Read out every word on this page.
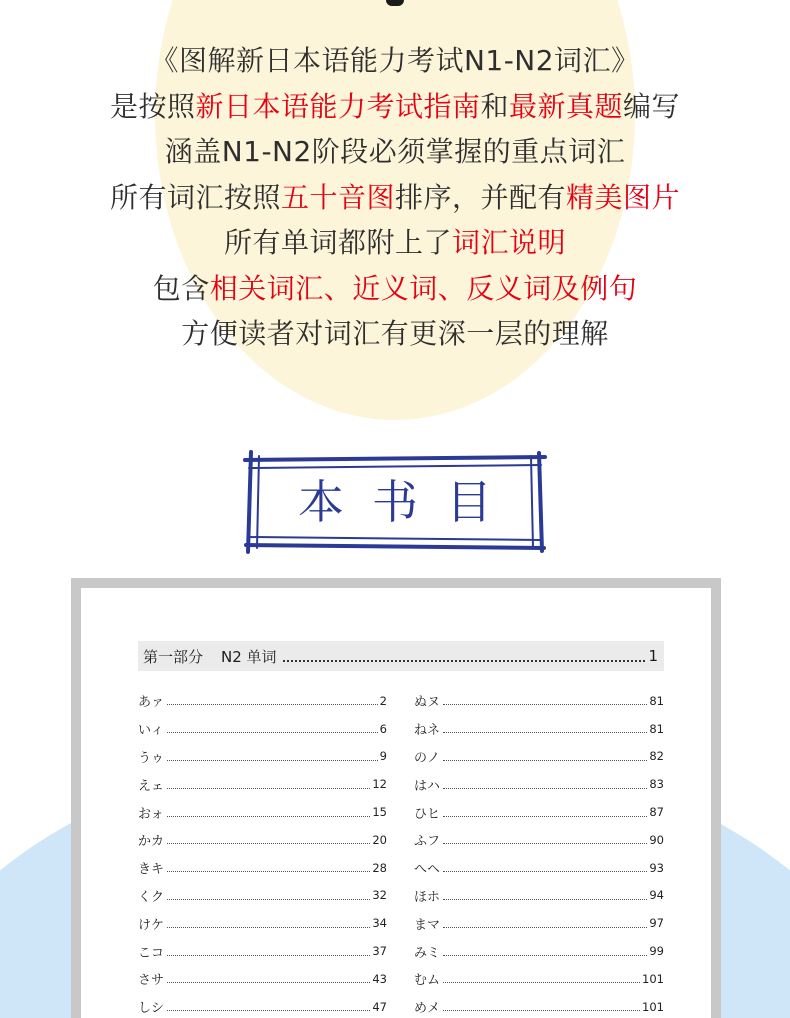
《图解新日本语能力考试N1-N2词汇》
是按照新日本语能力考试指南和最新真题编写
涵盖N1-N2阶段必须掌握的重点词汇
所有词汇按照五十音图排序，并配有精美图片
所有单词都附上了词汇说明
包含相关词汇、近义词、反义词及例句
方便读者对词汇有更深一层的理解
本书目
第一部分 N2 单词	1
あァ	2
いィ	6
うゥ	9
えェ	12
おォ	15
かカ	20
きキ	28
くク	32
けケ	34
こコ	37
さサ	43
しシ	47
ぬヌ	81
ねネ	81
のノ	82
はハ	83
ひヒ	87
ふフ	90
へヘ	93
ほホ	94
まマ	97
みミ	99
むム	101
めメ	101
